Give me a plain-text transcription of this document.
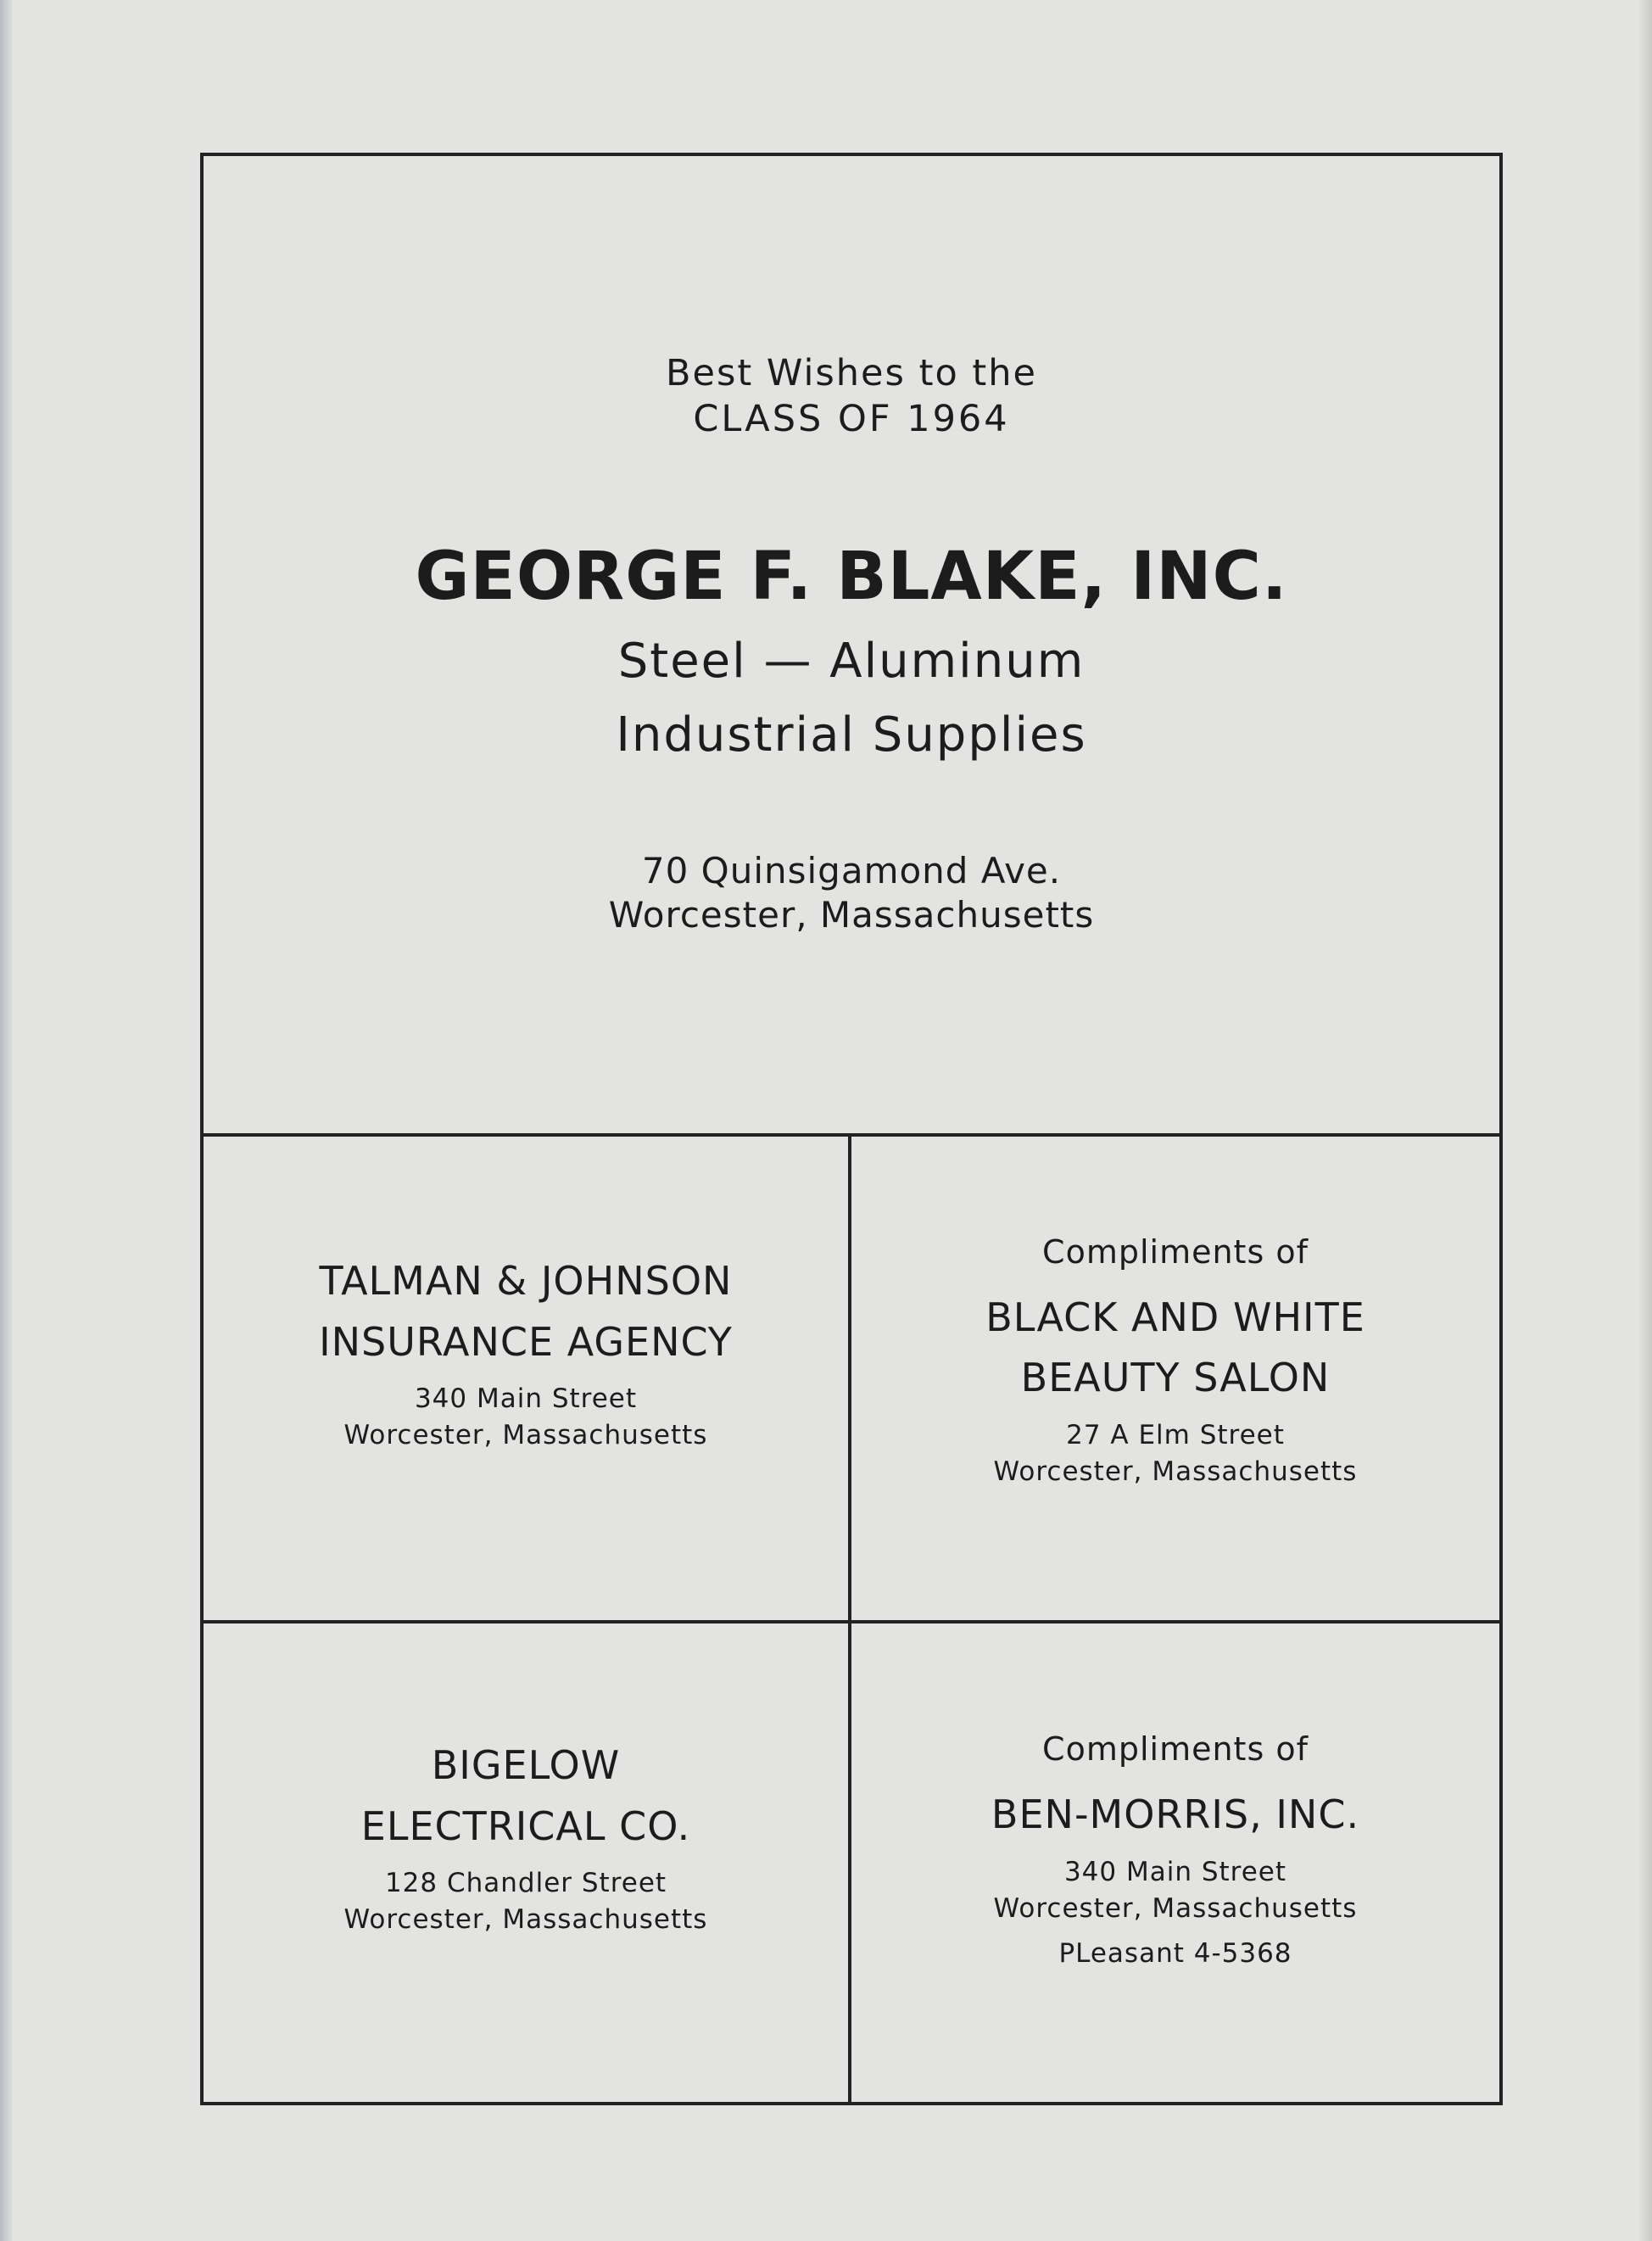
Best Wishes to the
CLASS OF 1964
GEORGE F. BLAKE, INC.
Steel — Aluminum
Industrial Supplies
70 Quinsigamond Ave.
Worcester, Massachusetts
TALMAN & JOHNSON
INSURANCE AGENCY
340 Main Street
Worcester, Massachusetts
Compliments of
BLACK AND WHITE
BEAUTY SALON
27 A Elm Street
Worcester, Massachusetts
BIGELOW
ELECTRICAL CO.
128 Chandler Street
Worcester, Massachusetts
Compliments of
BEN-MORRIS, INC.
340 Main Street
Worcester, Massachusetts
PLeasant 4-5368
